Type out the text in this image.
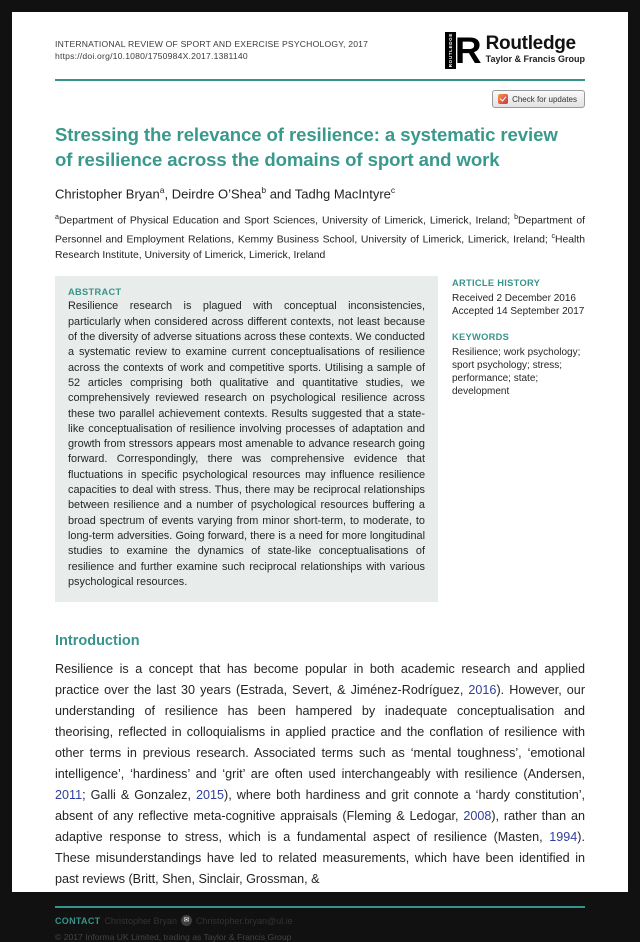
INTERNATIONAL REVIEW OF SPORT AND EXERCISE PSYCHOLOGY, 2017
https://doi.org/10.1080/1750984X.2017.1381140	ROUTLEDGE R Routledge
Taylor & Francis Group
Check for updates
Stressing the relevance of resilience: a systematic review
of resilience across the domains of sport and work
Christopher Bryan$^a$, Deirdre O’Shea$^b$ and Tadhg MacIntyre$^c$
$^a$Department of Physical Education and Sport Sciences, University of Limerick, Limerick, Ireland; $^b$Department of Personnel and Employment Relations, Kemmy Business School, University of Limerick, Limerick, Ireland; $^c$Health Research Institute, University of Limerick, Limerick, Ireland
ABSTRACT

Resilience research is plagued with conceptual inconsistencies, particularly when considered across different contexts, not least because of the diversity of adverse situations across these contexts. We conducted a systematic review to examine current conceptualisations of resilience across the contexts of work and competitive sports. Utilising a sample of 52 articles comprising both qualitative and quantitative studies, we comprehensively reviewed research on psychological resilience across these two parallel achievement contexts. Results suggested that a state-like conceptualisation of resilience involving processes of adaptation and growth from stressors appears most amenable to advance research going forward. Correspondingly, there was comprehensive evidence that fluctuations in specific psychological resources may influence resilience capacities to deal with stress. Thus, there may be reciprocal relationships between resilience and a number of psychological resources buffering a broad spectrum of events varying from minor short-term, to moderate, to long-term adversities. Going forward, there is a need for more longitudinal studies to examine the dynamics of state-like conceptualisations of resilience and further examine such reciprocal relationships with various psychological resources.

ARTICLE HISTORY
Received 2 December 2016
Accepted 14 September 2017
KEYWORDS
Resilience; work psychology; sport psychology; stress; performance; state; development
Introduction

Resilience is a concept that has become popular in both academic research and applied practice over the last 30 years (Estrada, Severt, & Jiménez-Rodríguez, 2016). However, our understanding of resilience has been hampered by inadequate conceptualisation and theorising, reflected in colloquialisms in applied practice and the conflation of resilience with other terms in previous research. Associated terms such as ‘mental toughness’, ‘emotional intelligence’, ‘hardiness’ and ‘grit’ are often used interchangeably with resilience (Andersen, 2011; Galli & Gonzalez, 2015), where both hardiness and grit connote a ‘hardy constitution’, absent of any reflective meta-cognitive appraisals (Fleming & Ledogar, 2008), rather than an adaptive response to stress, which is a fundamental aspect of resilience (Masten, 1994). These misunderstandings have led to related measurements, which have been identified in past reviews (Britt, Shen, Sinclair, Grossman, &

CONTACT Christopher Bryan ✉ Christopher.bryan@ul.ie
© 2017 Informa UK Limited, trading as Taylor & Francis Group
